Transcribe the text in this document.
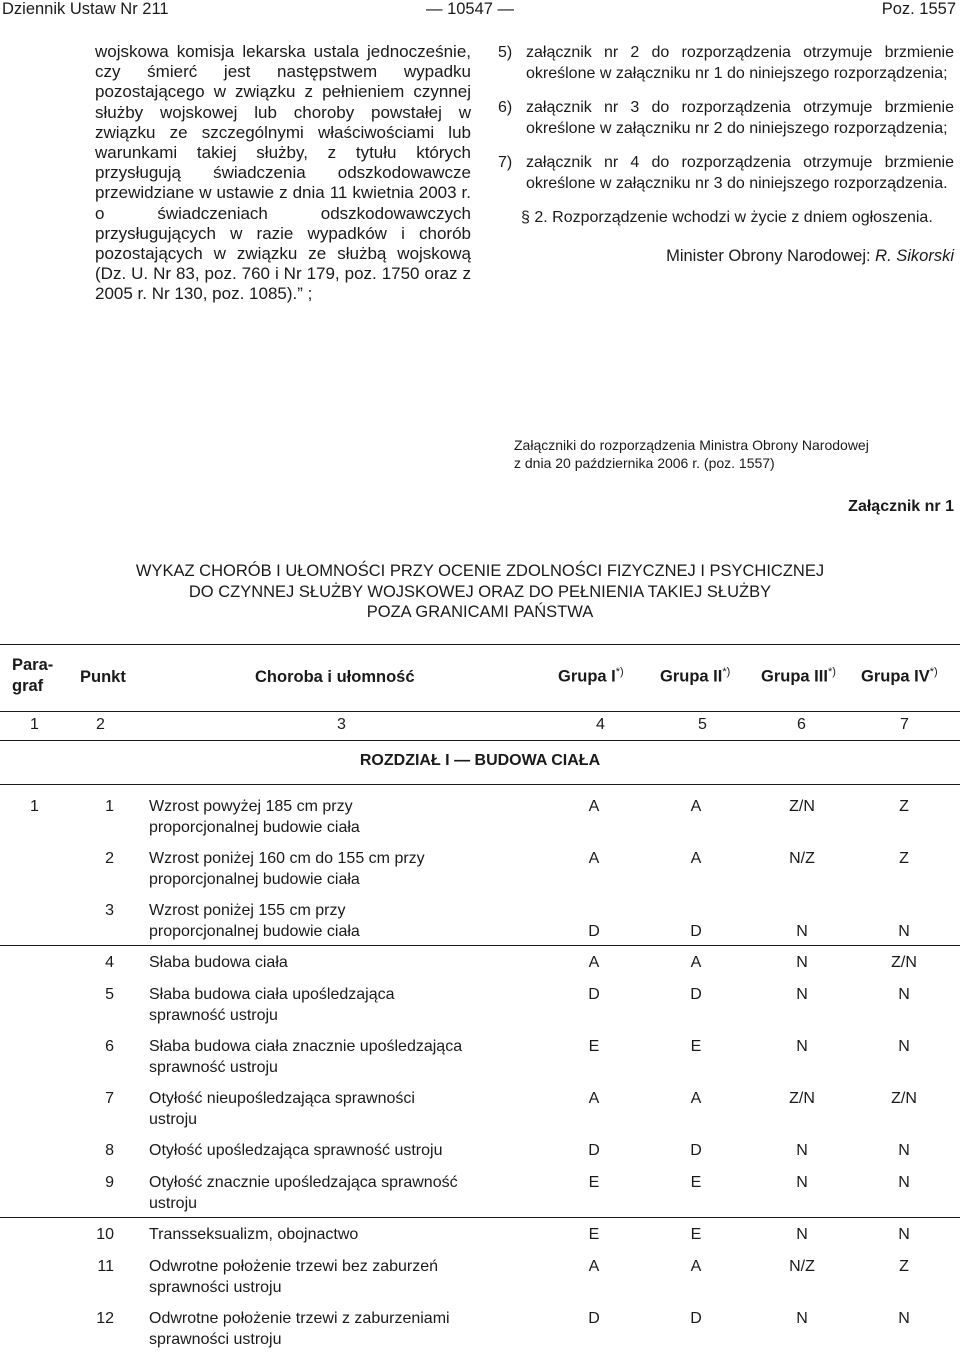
Dziennik Ustaw Nr 211	— 10547 —	Poz. 1557
wojskowa komisja lekarska ustala jednocześnie, czy śmierć jest następstwem wypadku pozostającego w związku z pełnieniem czynnej służby wojskowej lub choroby powstałej w związku ze szczególnymi właściwościami lub warunkami takiej służby, z tytułu których przysługują świadczenia odszkodowawcze przewidziane w ustawie z dnia 11 kwietnia 2003 r. o świadczeniach odszkodowawczych przysługujących w razie wypadków i chorób pozostających w związku ze służbą wojskową (Dz. U. Nr 83, poz. 760 i Nr 179, poz. 1750 oraz z 2005 r. Nr 130, poz. 1085).” ;
5) załącznik nr 2 do rozporządzenia otrzymuje brzmienie określone w załączniku nr 1 do niniejszego rozporządzenia;
6) załącznik nr 3 do rozporządzenia otrzymuje brzmienie określone w załączniku nr 2 do niniejszego rozporządzenia;
7) załącznik nr 4 do rozporządzenia otrzymuje brzmienie określone w załączniku nr 3 do niniejszego rozporządzenia.
§ 2. Rozporządzenie wchodzi w życie z dniem ogłoszenia.
Minister Obrony Narodowej: R. Sikorski
Załączniki do rozporządzenia Ministra Obrony Narodowej
z dnia 20 października 2006 r. (poz. 1557)
Załącznik nr 1
WYKAZ CHORÓB I UŁOMNOŚCI PRZY OCENIE ZDOLNOŚCI FIZYCZNEJ I PSYCHICZNEJ
DO CZYNNEJ SŁUŻBY WOJSKOWEJ ORAZ DO PEŁNIENIA TAKIEJ SŁUŻBY
POZA GRANICAMI PAŃSTWA
Para-
graf	Punkt	Choroba i ułomność	Grupa I*) Grupa II*) Grupa III*) Grupa IV*)
1	2	3	4	5	6	7
ROZDZIAŁ I — BUDOWA CIAŁA
1	1 Wzrost powyżej 185 cm przy
proporcjonalnej budowie ciała
A	A	Z/N	Z
2 Wzrost poniżej 160 cm do 155 cm przy
proporcjonalnej budowie ciała
A	A	N/Z	Z
3 Wzrost poniżej 155 cm przy
proporcjonalnej budowie ciała	D	D	N	N
4 Słaba budowa ciała	A	A	N	Z/N
5 Słaba budowa ciała upośledzająca
sprawność ustroju
D	D	N	N
6 Słaba budowa ciała znacznie upośledzająca
sprawność ustroju
E	E	N	N
7 Otyłość nieupośledzająca sprawności
ustroju
A	A	Z/N	Z/N
8 Otyłość upośledzająca sprawność ustroju	D	D	N	N
9 Otyłość znacznie upośledzająca sprawność
ustroju
E	E	N	N
10 Transseksualizm, obojnactwo	E	E	N	N
11 Odwrotne położenie trzewi bez zaburzeń
sprawności ustroju
A	A	N/Z	Z
12 Odwrotne położenie trzewi z zaburzeniami
sprawności ustroju
D	D	N	N
